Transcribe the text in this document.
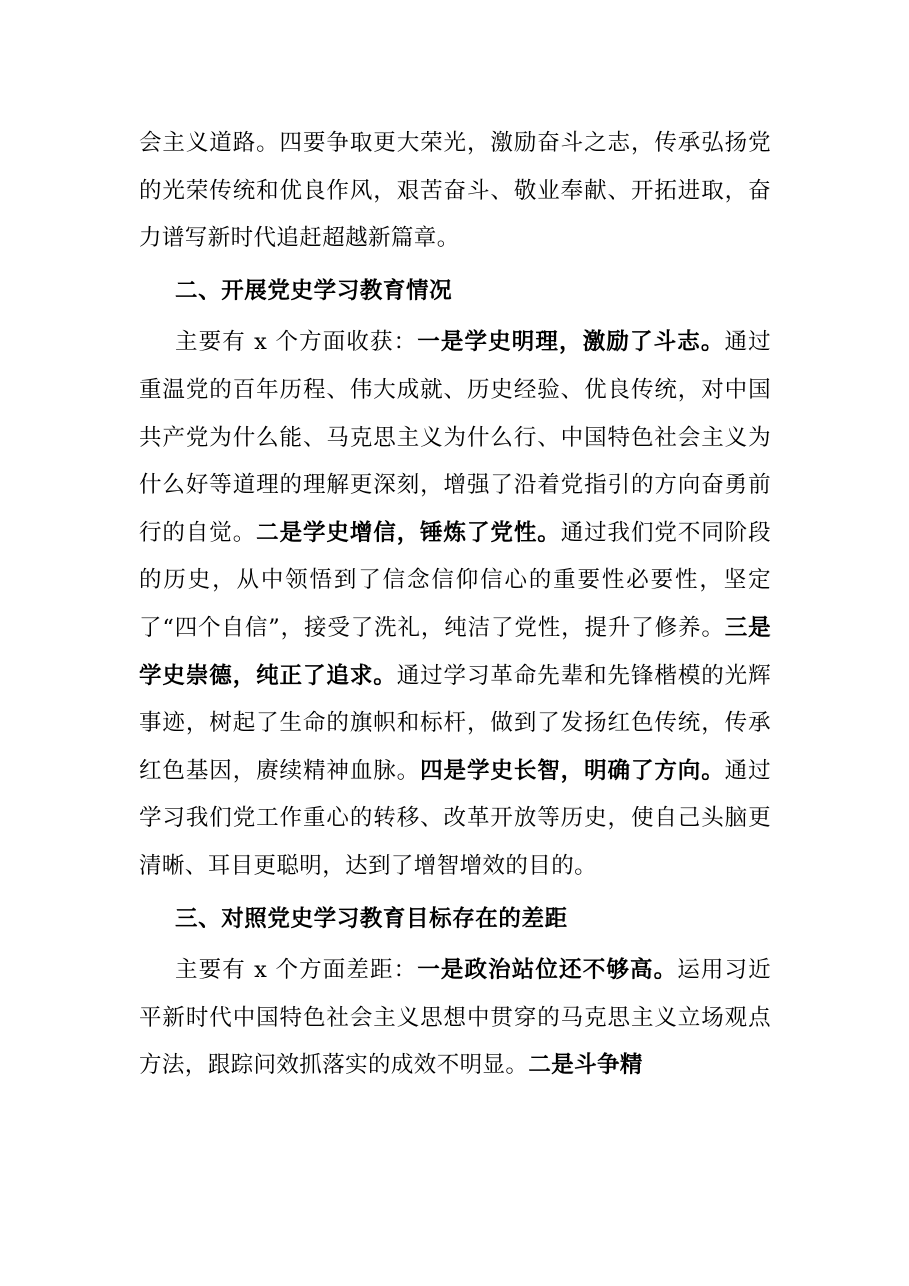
会主义道路。四要争取更大荣光，激励奋斗之志，传承弘扬党的光荣传统和优良作风，艰苦奋斗、敬业奉献、开拓进取，奋力谱写新时代追赶超越新篇章。

二、开展党史学习教育情况

主要有 x 个方面收获：一是学史明理，激励了斗志。通过重温党的百年历程、伟大成就、历史经验、优良传统，对中国共产党为什么能、马克思主义为什么行、中国特色社会主义为什么好等道理的理解更深刻，增强了沿着党指引的方向奋勇前行的自觉。二是学史增信，锤炼了党性。通过我们党不同阶段的历史，从中领悟到了信念信仰信心的重要性必要性，坚定了“四个自信”，接受了洗礼，纯洁了党性，提升了修养。三是学史崇德，纯正了追求。通过学习革命先辈和先锋楷模的光辉事迹，树起了生命的旗帜和标杆，做到了发扬红色传统，传承红色基因，赓续精神血脉。四是学史长智，明确了方向。通过学习我们党工作重心的转移、改革开放等历史，使自己头脑更清晰、耳目更聪明，达到了增智增效的目的。

三、对照党史学习教育目标存在的差距

主要有 x 个方面差距：一是政治站位还不够高。运用习近平新时代中国特色社会主义思想中贯穿的马克思主义立场观点方法，跟踪问效抓落实的成效不明显。二是斗争精
